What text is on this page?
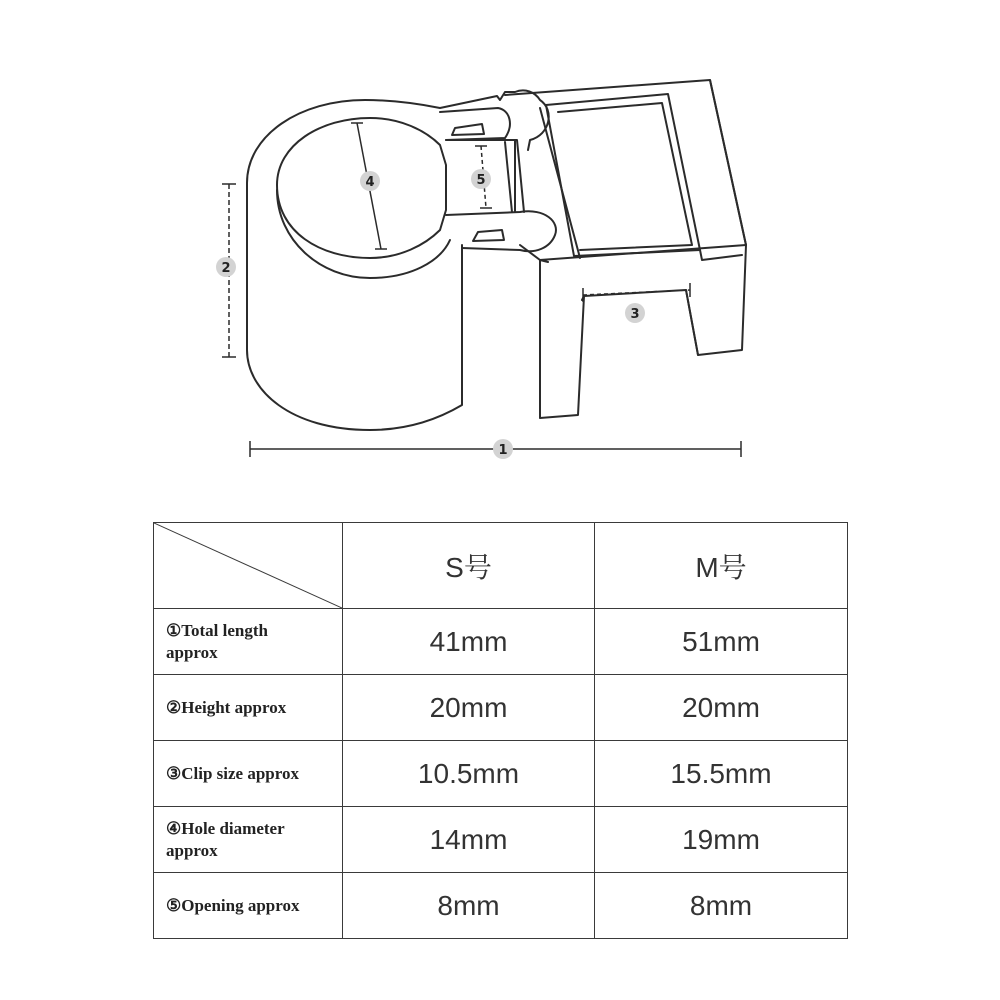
1
2
3
4	5
	S号	M号

①Total length approx	41mm	51mm

②Height approx	20mm	20mm

③Clip size approx	10.5mm	15.5mm

④Hole diameter approx	14mm	19mm

⑤Opening approx	8mm	8mm
